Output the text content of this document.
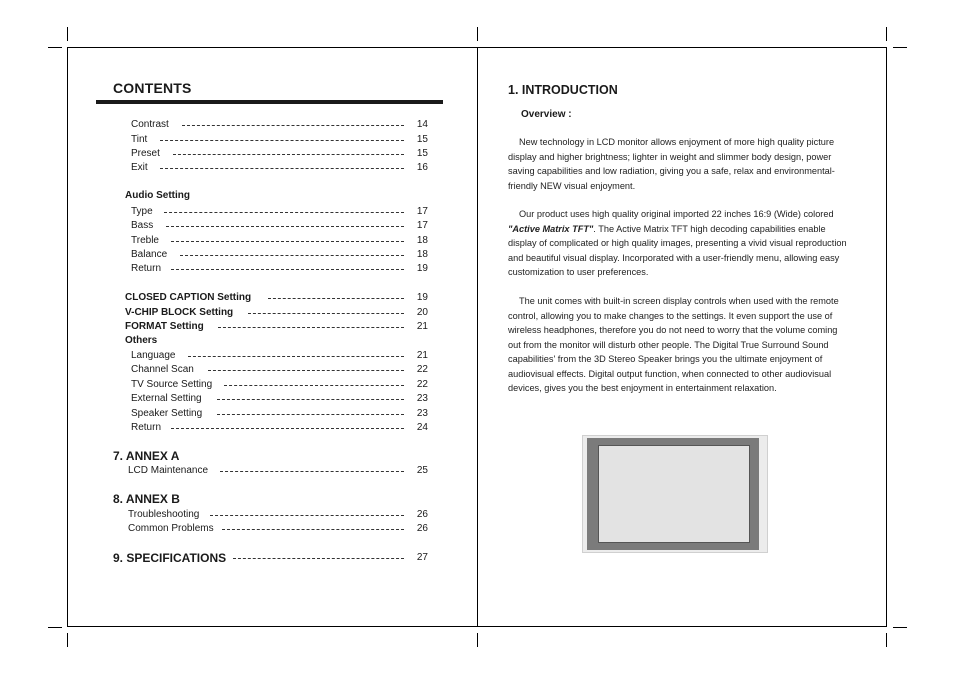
CONTENTS
Contrast	14
Tint	15
Preset	15
Exit	16
Audio Setting
Type	17
Bass	17
Treble	18
Balance	18
Return	19
CLOSED CAPTION Setting	19
V-CHIP BLOCK Setting	20
FORMAT Setting	21
Others
Language	21
Channel Scan	22
TV Source Setting	22
External Setting	23
Speaker Setting	23
Return	24
7. ANNEX A
LCD Maintenance	25
8. ANNEX B
Troubleshooting	26
Common Problems	26
9. SPECIFICATIONS	27
1. INTRODUCTION
Overview :
New technology in LCD monitor allows enjoyment of more high quality picture display and higher brightness; lighter in weight and slimmer body design, power saving capabilities and low radiation, giving you a safe, relax and environmental-friendly NEW visual enjoyment.
Our product uses high quality original imported 22 inches 16:9 (Wide) colored "Active Matrix TFT". The Active Matrix TFT high decoding capabilities enable display of complicated or high quality images, presenting a vivid visual reproduction and beautiful visual display. Incorporated with a user-friendly menu, allowing easy customization to user preferences.
The unit comes with built-in screen display controls when used with the remote control, allowing you to make changes to the settings. It even support the use of wireless headphones, therefore you do not need to worry that the volume coming out from the monitor will disturb other people. The Digital True Surround Sound capabilities' from the 3D Stereo Speaker brings you the ultimate enjoyment of audiovisual effects. Digital output function, when connected to other audiovisual devices, gives you the best enjoyment in entertainment relaxation.
